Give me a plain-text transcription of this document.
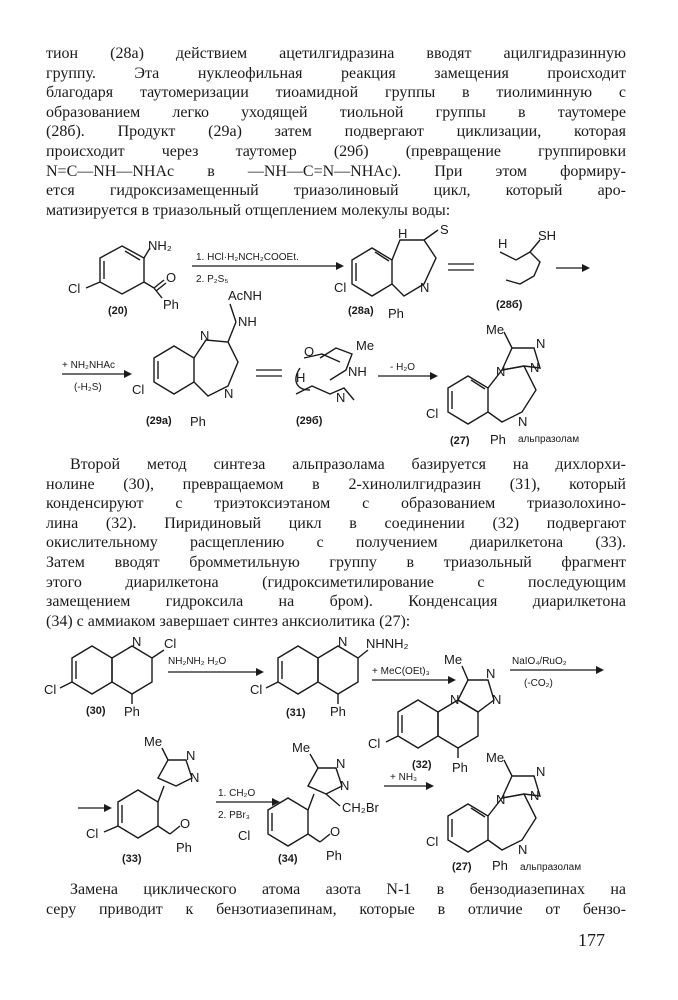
тион (28а) действием ацетилгидразина вводят ацилгидразинную
группу. Эта нуклеофильная реакция замещения происходит
благодаря таутомеризации тиоамидной группы в тиолиминную с
образованием легко уходящей тиольной группы в таутомере
(28б). Продукт (29а) затем подвергают циклизации, которая
происходит через таутомер (29б) (превращение группировки
N=C—NH—NHAc в —NH—C=N—NHAc). При этом формиру-
ется гидроксизамещенный триазолиновый цикл, который аро-
матизируется в триазольный отщеплением молекулы воды:
NH₂
Cl
O
Ph
(20)
1. HCl·H₂NCH₂COOEt.
2. P₂S₅
H	S
N
Cl
Ph
(28а)
H
SH
(28б)
+ NH₂NHAc
(-H₂S)
AcNH
NH
N
N
Cl
Ph
(29а)
O	Me
H	NH
N
(29б)
- H₂O
Me
N
N
N
N
Cl
Ph
(27)	альпразолам
Второй метод синтеза альпразолама базируется на дихлорхи-
нолине (30), превращаемом в 2-хинолилгидразин (31), который
конденсируют с триэтоксиэтаном с образованием триазолохино-
лина (32). Пиридиновый цикл в соединении (32) подвергают
окислительному расщеплению с получением диарилкетона (33).
Затем вводят бромметильную группу в триазольный фрагмент
этого диарилкетона (гидроксиметилирование с последующим
замещением гидроксила на бром). Конденсация диарилкетона
(34) с аммиаком завершает синтез анксиолитика (27):
N Cl
Cl
Ph
(30)
NH₂NH₂ H₂O
N NHNH₂
Cl
Ph
(31)
+ MeC(OEt)₃
Me
N
N
N
Cl
Ph
(32)
NaIO₄/RuO₂
(-CO₂)
Me
N
N
O
Ph
Cl
(33)
1. CH₂O
2. PBr₃
Me
N
N
CH₂Br
O
Ph
Cl
(34)
+ NH₃
Me
N
N
N
N
Cl
Ph
(27)	альпразолам
Замена циклического атома азота N-1 в бензодиазепинах на
серу приводит к бензотиазепинам, которые в отличие от бензо-
177
